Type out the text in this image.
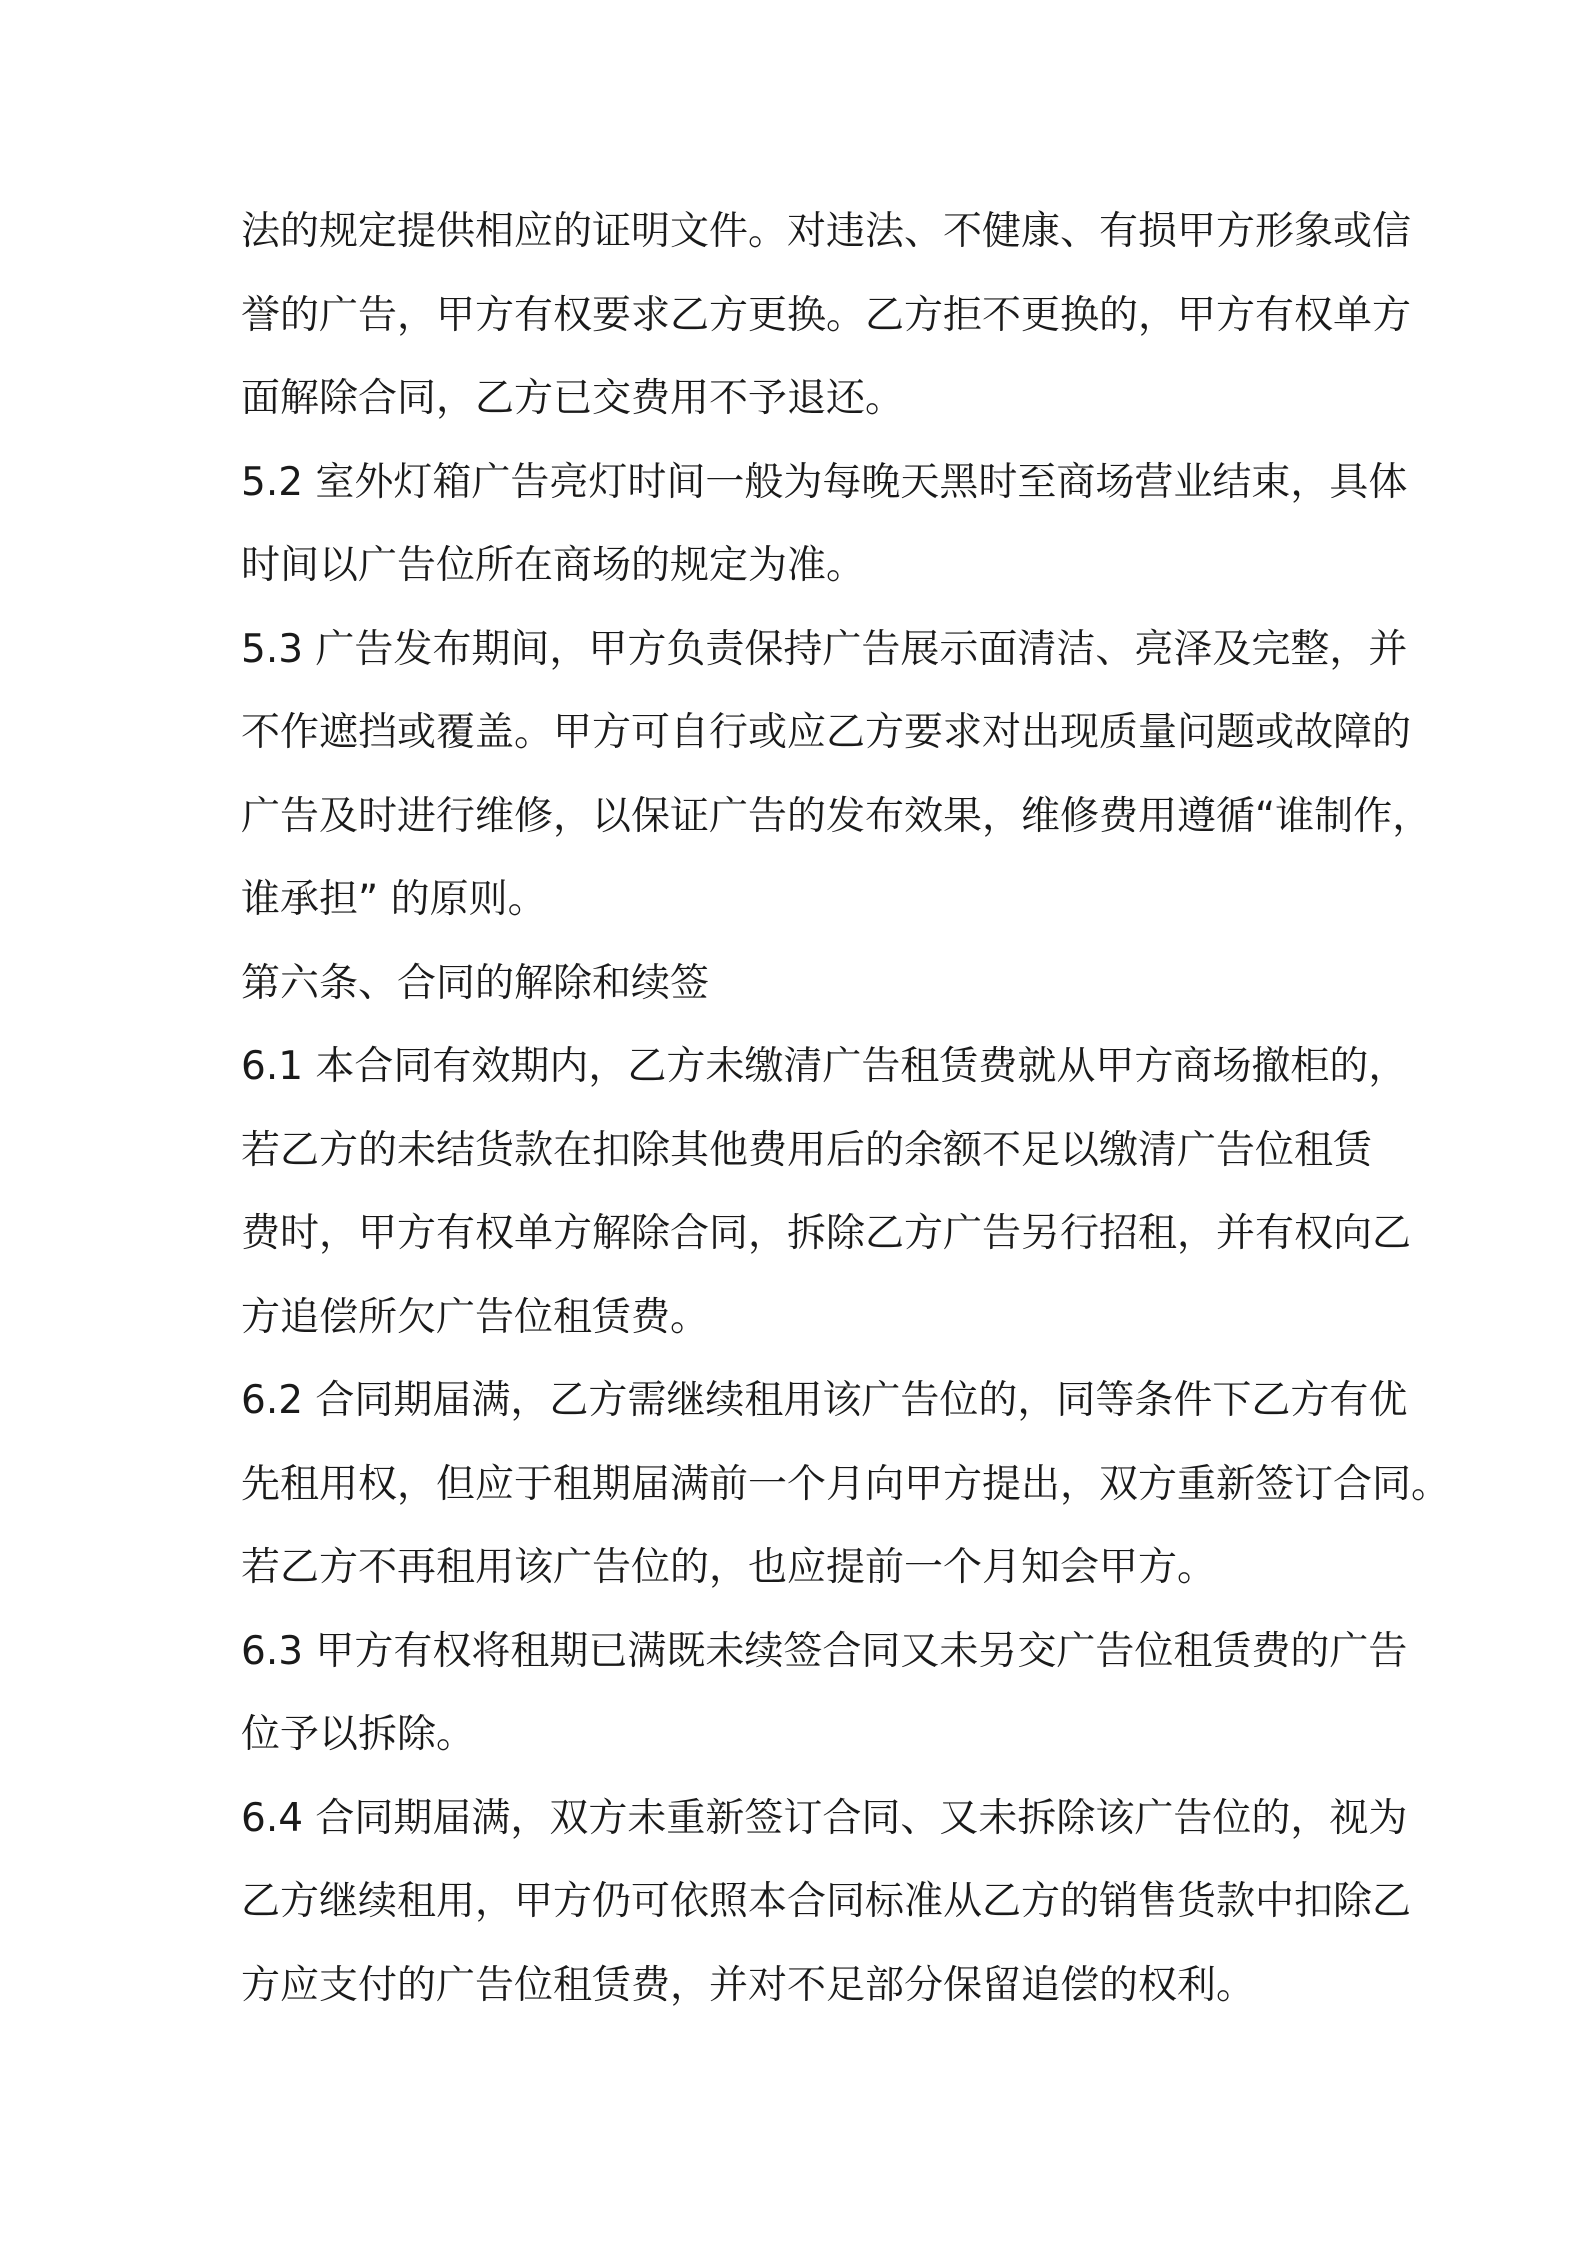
法的规定提供相应的证明文件。对违法、不健康、有损甲方形象或信
誉的广告，甲方有权要求乙方更换。乙方拒不更换的，甲方有权单方
面解除合同，乙方已交费用不予退还。
5.2 室外灯箱广告亮灯时间一般为每晚天黑时至商场营业结束，具体
时间以广告位所在商场的规定为准。
5.3 广告发布期间，甲方负责保持广告展示面清洁、亮泽及完整，并
不作遮挡或覆盖。甲方可自行或应乙方要求对出现质量问题或故障的
广告及时进行维修，以保证广告的发布效果，维修费用遵循“谁制作，
谁承担” 的原则。
第六条、合同的解除和续签
6.1 本合同有效期内，乙方未缴清广告租赁费就从甲方商场撤柜的，
若乙方的未结货款在扣除其他费用后的余额不足以缴清广告位租赁
费时，甲方有权单方解除合同，拆除乙方广告另行招租，并有权向乙
方追偿所欠广告位租赁费。
6.2 合同期届满，乙方需继续租用该广告位的，同等条件下乙方有优
先租用权，但应于租期届满前一个月向甲方提出，双方重新签订合同。
若乙方不再租用该广告位的，也应提前一个月知会甲方。
6.3 甲方有权将租期已满既未续签合同又未另交广告位租赁费的广告
位予以拆除。
6.4 合同期届满，双方未重新签订合同、又未拆除该广告位的，视为
乙方继续租用，甲方仍可依照本合同标准从乙方的销售货款中扣除乙
方应支付的广告位租赁费，并对不足部分保留追偿的权利。
